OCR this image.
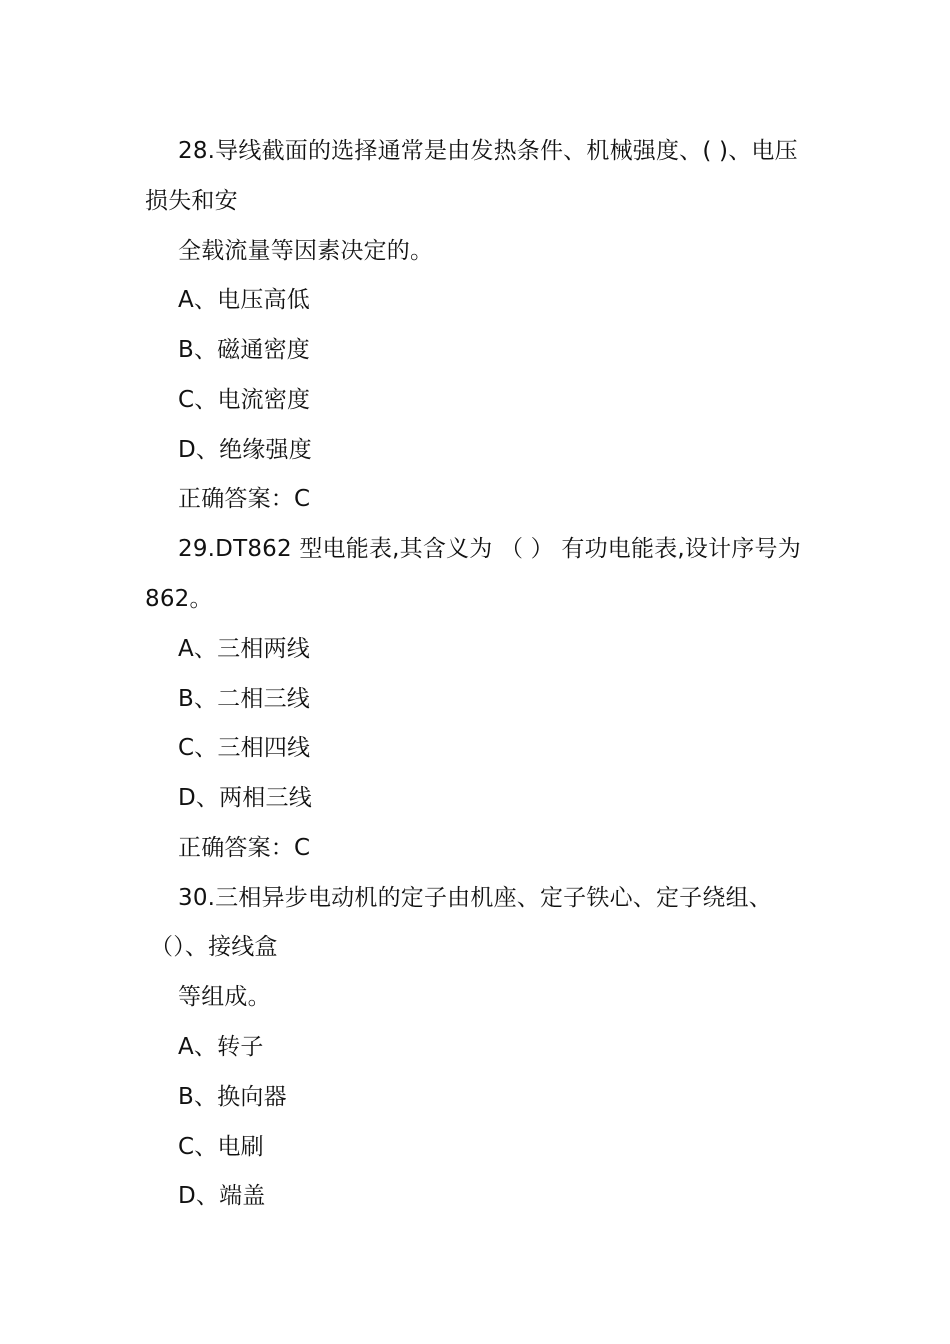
28.导线截面的选择通常是由发热条件、机械强度、( )、电压
损失和安
全载流量等因素决定的。
A、电压高低
B、磁通密度
C、电流密度
D、绝缘强度
正确答案：C
29.DT862 型电能表,其含义为 （ ） 有功电能表,设计序号为
862。
A、三相两线
B、二相三线
C、三相四线
D、两相三线
正确答案：C
30.三相异步电动机的定子由机座、定子铁心、定子绕组、
（）、接线盒
等组成。
A、转子
B、换向器
C、电刷
D、端盖
